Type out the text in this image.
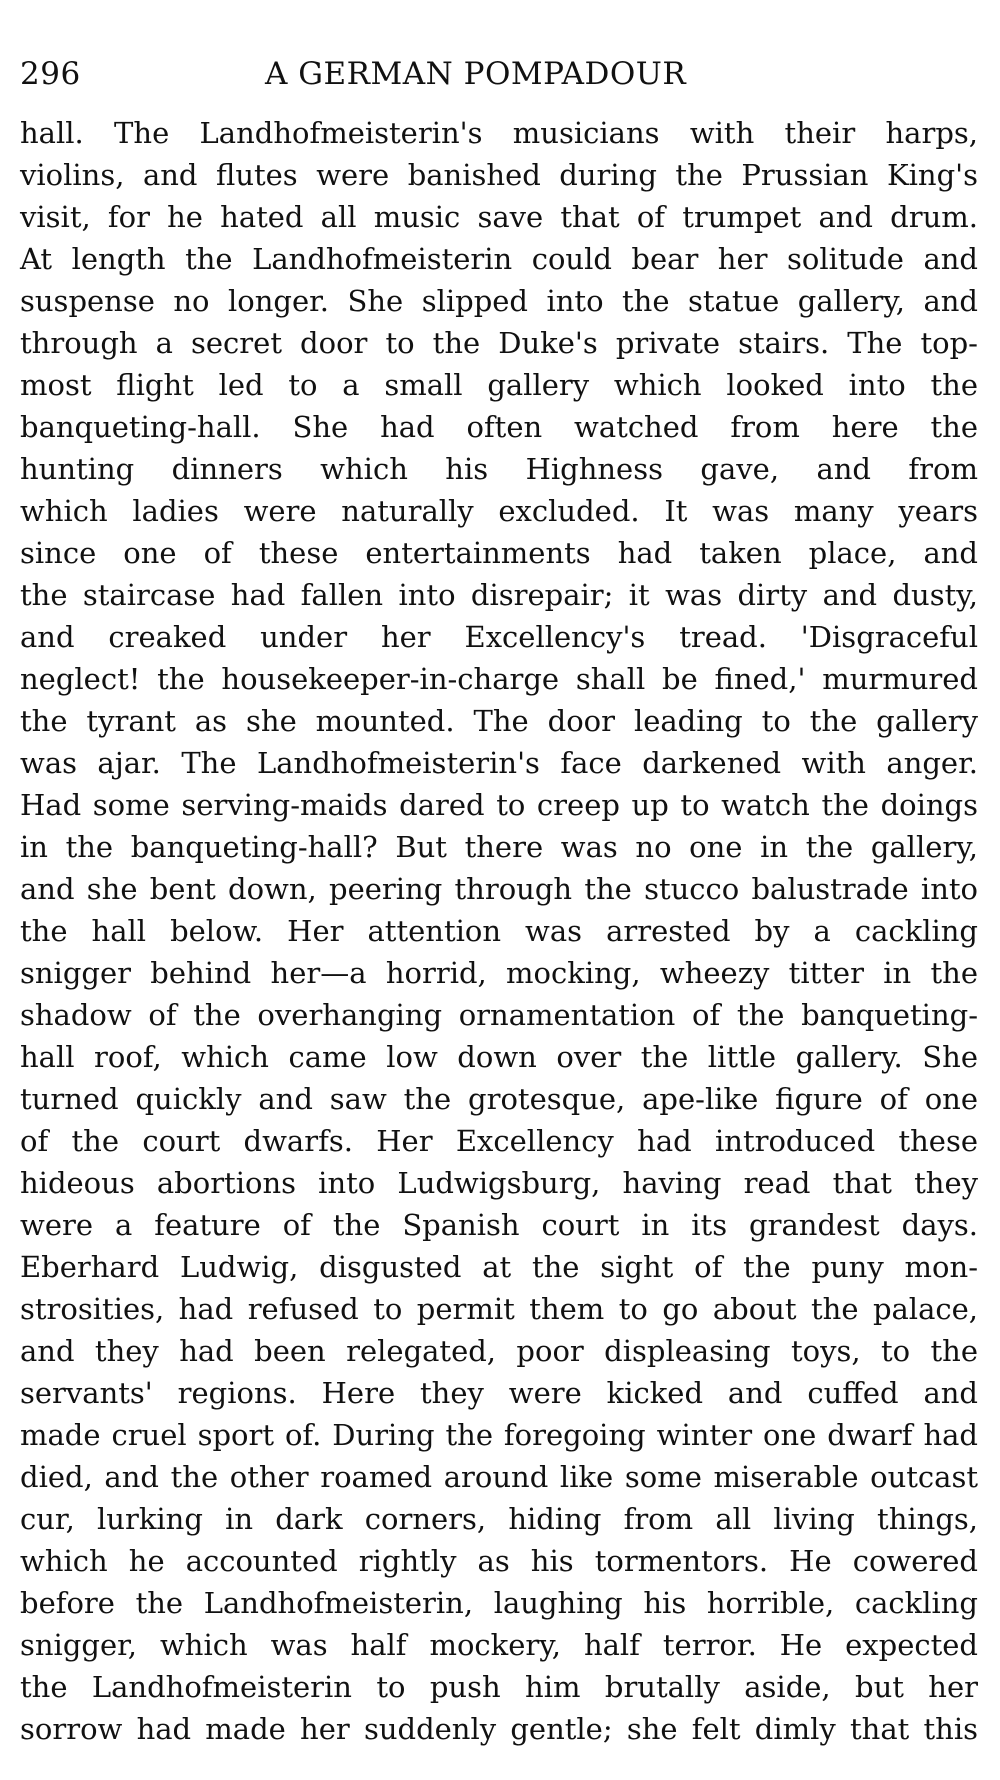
296	A GERMAN POMPADOUR
hall. The Landhofmeisterin's musicians with their harps,
violins, and flutes were banished during the Prussian King's
visit, for he hated all music save that of trumpet and drum.
At length the Landhofmeisterin could bear her solitude and
suspense no longer. She slipped into the statue gallery, and
through a secret door to the Duke's private stairs. The top-
most flight led to a small gallery which looked into the
banqueting-hall. She had often watched from here the
hunting dinners which his Highness gave, and from
which ladies were naturally excluded. It was many years
since one of these entertainments had taken place, and
the staircase had fallen into disrepair; it was dirty and dusty,
and creaked under her Excellency's tread. 'Disgraceful
neglect! the housekeeper-in-charge shall be fined,' murmured
the tyrant as she mounted. The door leading to the gallery
was ajar. The Landhofmeisterin's face darkened with anger.
Had some serving-maids dared to creep up to watch the doings
in the banqueting-hall? But there was no one in the gallery,
and she bent down, peering through the stucco balustrade into
the hall below. Her attention was arrested by a cackling
snigger behind her—a horrid, mocking, wheezy titter in the
shadow of the overhanging ornamentation of the banqueting-
hall roof, which came low down over the little gallery. She
turned quickly and saw the grotesque, ape-like figure of one
of the court dwarfs. Her Excellency had introduced these
hideous abortions into Ludwigsburg, having read that they
were a feature of the Spanish court in its grandest days.
Eberhard Ludwig, disgusted at the sight of the puny mon-
strosities, had refused to permit them to go about the palace,
and they had been relegated, poor displeasing toys, to the
servants' regions. Here they were kicked and cuffed and
made cruel sport of. During the foregoing winter one dwarf had
died, and the other roamed around like some miserable outcast
cur, lurking in dark corners, hiding from all living things,
which he accounted rightly as his tormentors. He cowered
before the Landhofmeisterin, laughing his horrible, cackling
snigger, which was half mockery, half terror. He expected
the Landhofmeisterin to push him brutally aside, but her
sorrow had made her suddenly gentle; she felt dimly that this
